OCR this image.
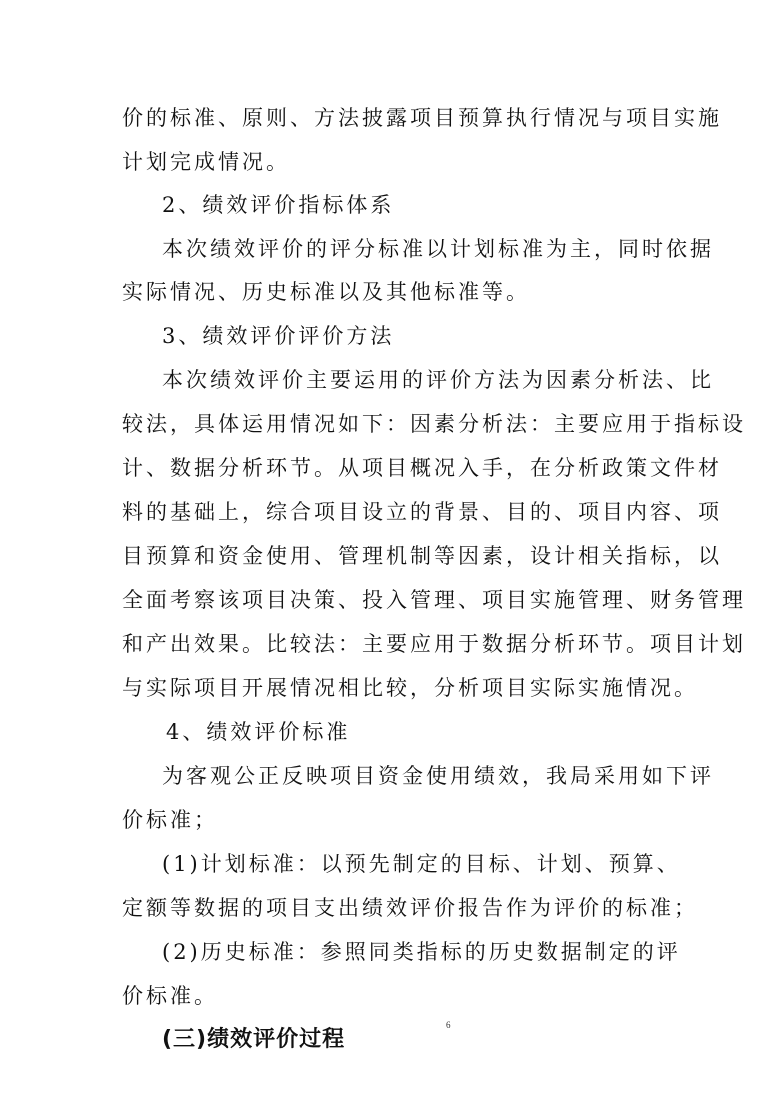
价的标准、原则、方法披露项目预算执行情况与项目实施
计划完成情况。
2、绩效评价指标体系
本次绩效评价的评分标准以计划标准为主，同时依据
实际情况、历史标准以及其他标准等。
3、绩效评价评价方法
本次绩效评价主要运用的评价方法为因素分析法、比
较法，具体运用情况如下：因素分析法：主要应用于指标设
计、数据分析环节。从项目概况入手，在分析政策文件材
料的基础上，综合项目设立的背景、目的、项目内容、项
目预算和资金使用、管理机制等因素，设计相关指标，以
全面考察该项目决策、投入管理、项目实施管理、财务管理
和产出效果。比较法：主要应用于数据分析环节。项目计划
与实际项目开展情况相比较，分析项目实际实施情况。
4、绩效评价标准
为客观公正反映项目资金使用绩效，我局采用如下评
价标准；
(1)计划标准：以预先制定的目标、计划、预算、
定额等数据的项目支出绩效评价报告作为评价的标准；
(2)历史标准：参照同类指标的历史数据制定的评
价标准。
(三)绩效评价过程
6
